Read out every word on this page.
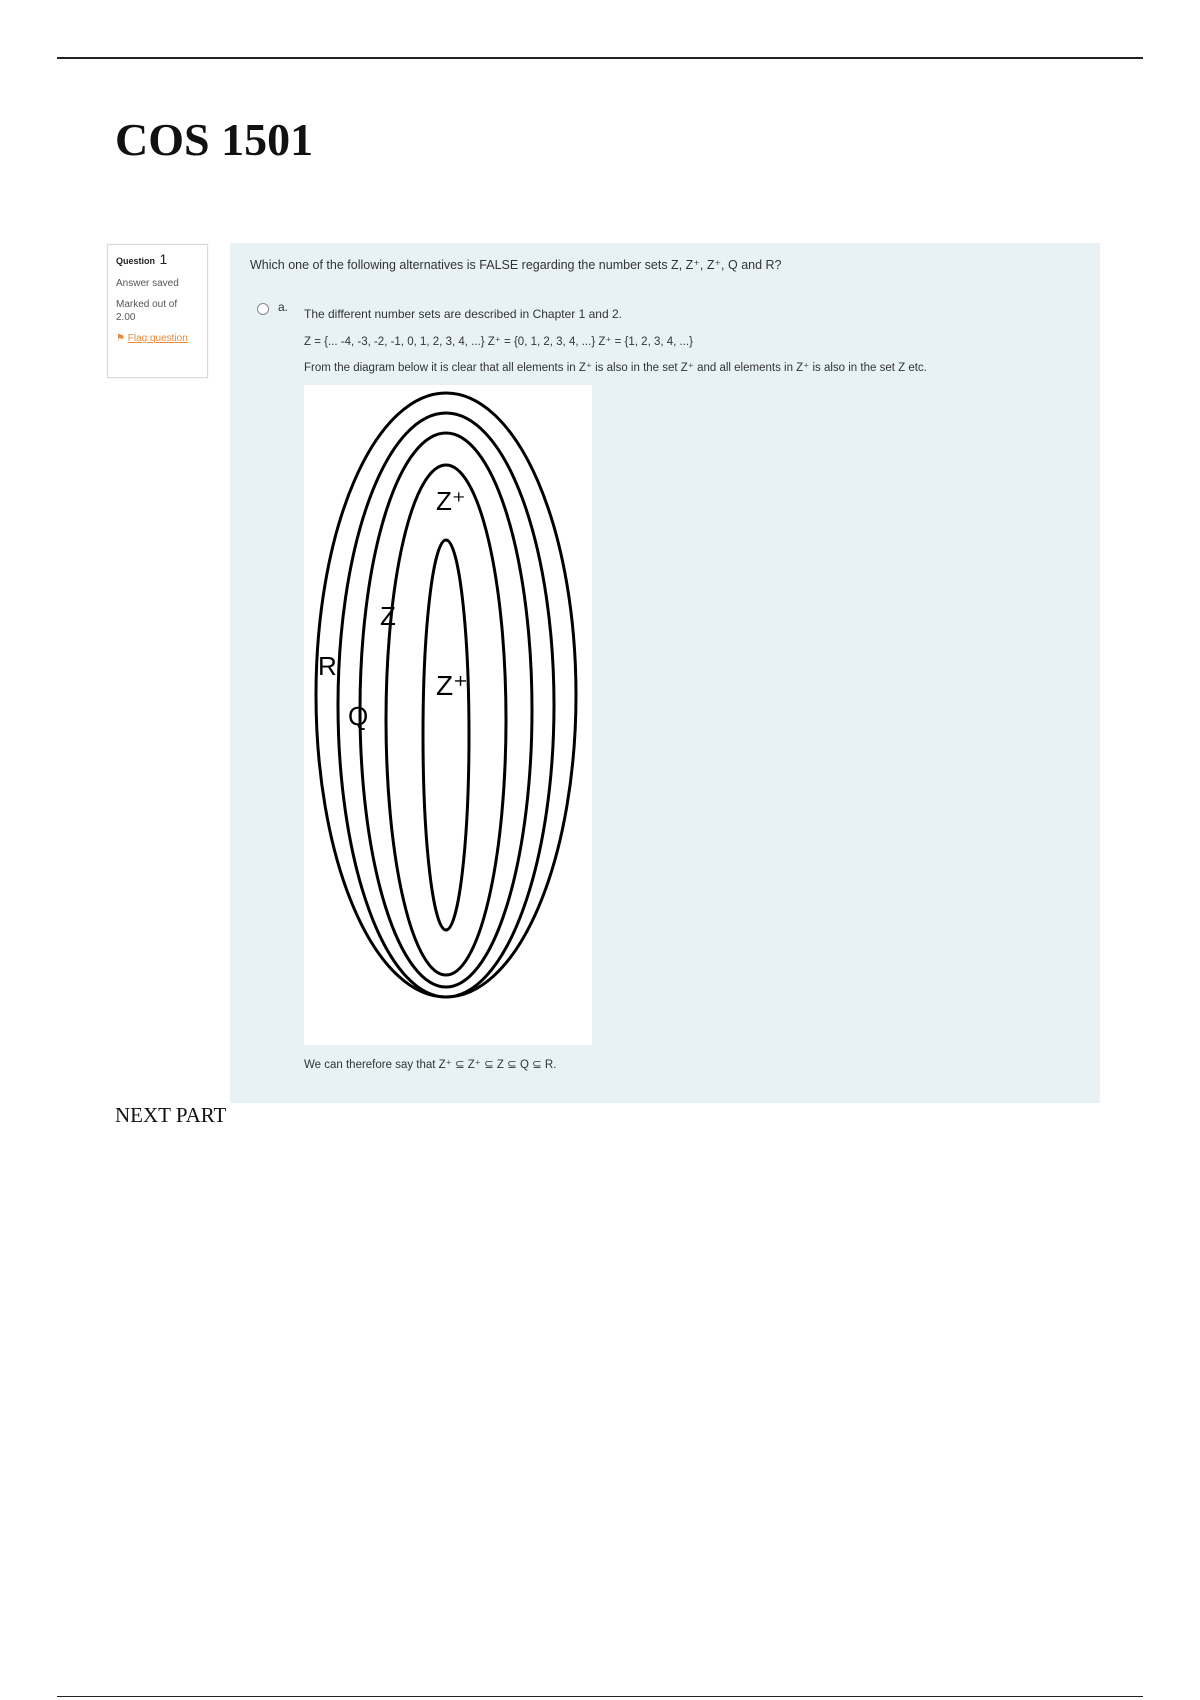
COS 1501
Question 1
Answer saved
Marked out of 2.00
⚑ Flag question
Which one of the following alternatives is FALSE regarding the number sets Z, Z⁺, Z⁺, Q and R?
a. The different number sets are described in Chapter 1 and 2.
Z = {... -4, -3, -2, -1, 0, 1, 2, 3, 4, ...} Z⁺ = {0, 1, 2, 3, 4, ...} Z⁺ = {1, 2, 3, 4, ...}
From the diagram below it is clear that all elements in Z⁺ is also in the set Z⁺ and all elements in Z⁺ is also in the set Z etc.
R
Q
Z
Z⁺
Z⁺
We can therefore say that Z⁺ ⊆ Z⁺ ⊆ Z ⊆ Q ⊆ R.
NEXT PART
